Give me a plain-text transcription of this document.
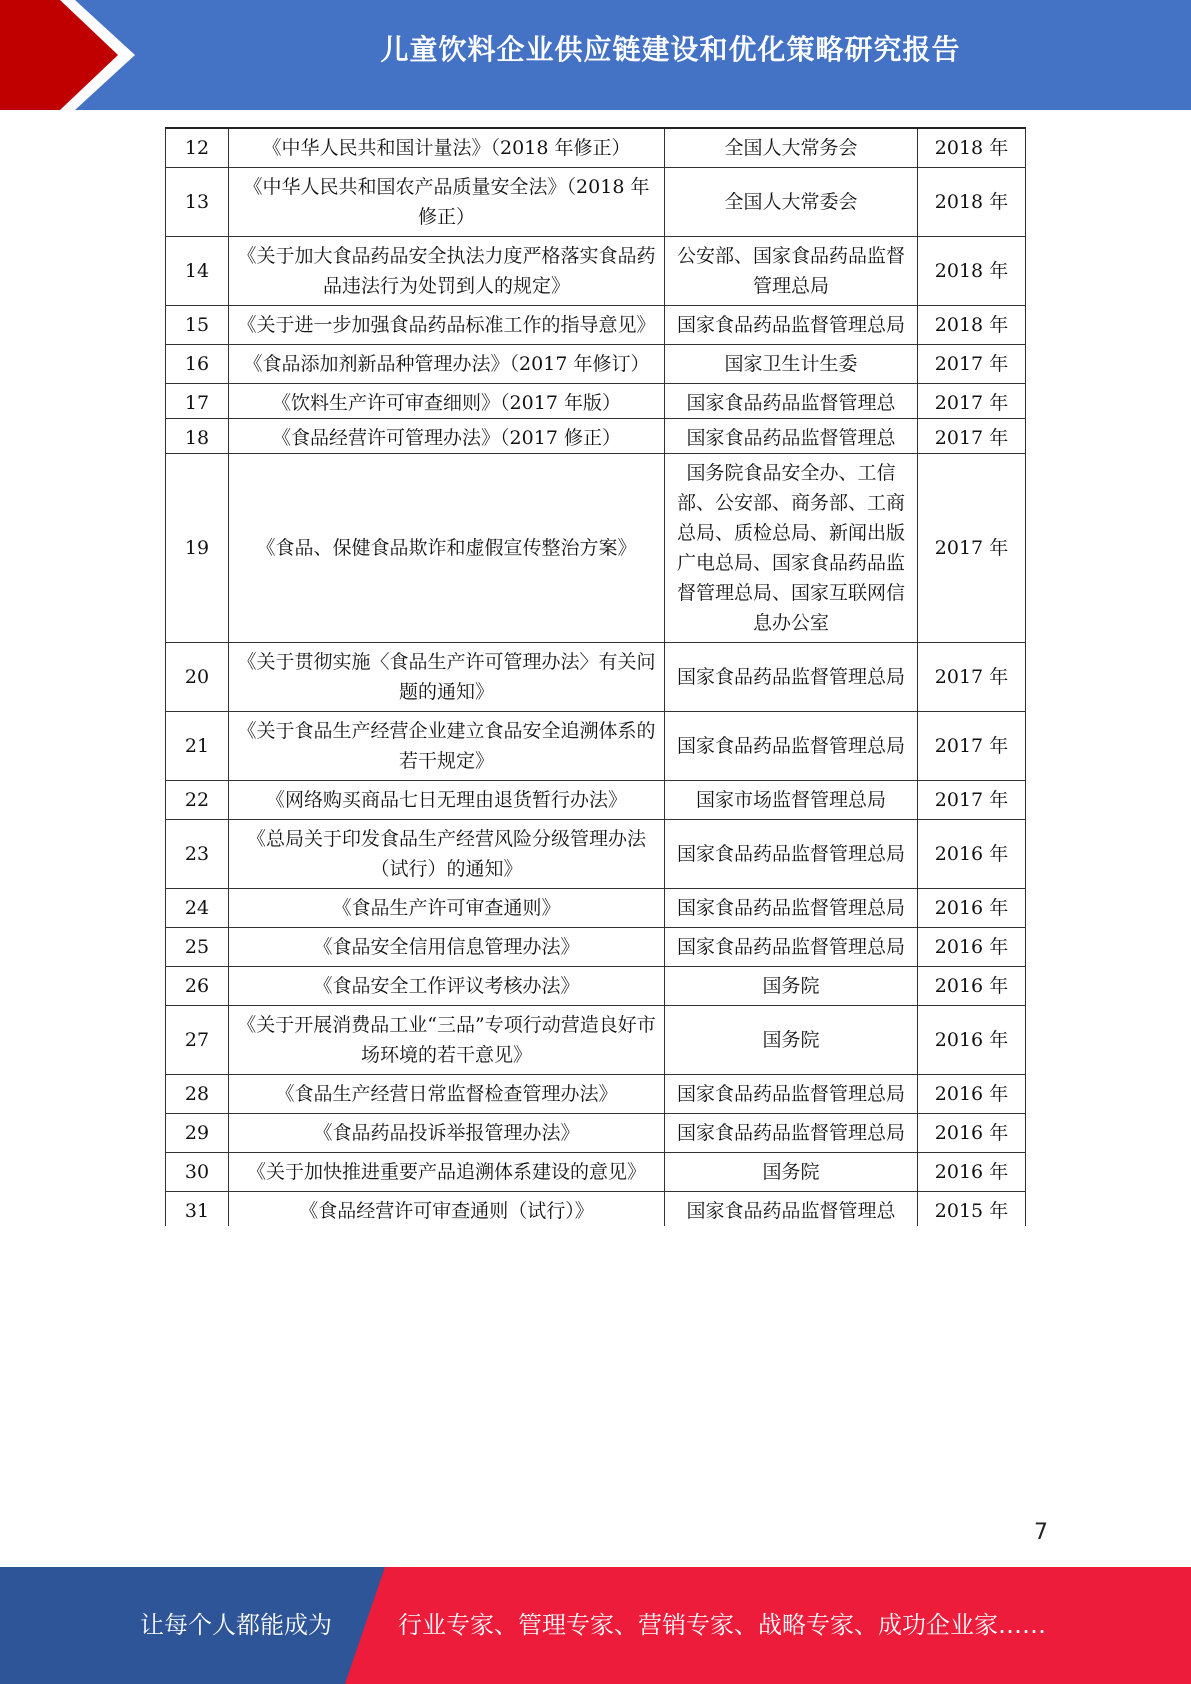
儿童饮料企业供应链建设和优化策略研究报告
12	《中华人民共和国计量法》（2018 年修正）	全国人大常务会	2018 年
13	《中华人民共和国农产品质量安全法》（2018 年修正）	全国人大常委会	2018 年
14	《关于加大食品药品安全执法力度严格落实食品药品违法行为处罚到人的规定》	公安部、国家食品药品监督管理总局	2018 年
15	《关于进一步加强食品药品标准工作的指导意见》	国家食品药品监督管理总局	2018 年
16	《食品添加剂新品种管理办法》（2017 年修订）	国家卫生计生委	2017 年
17	《饮料生产许可审查细则》（2017 年版）	国家食品药品监督管理总	2017 年
18	《食品经营许可管理办法》（2017 修正）	国家食品药品监督管理总	2017 年
19	《食品、保健食品欺诈和虚假宣传整治方案》	国务院食品安全办、工信部、公安部、商务部、工商总局、质检总局、新闻出版广电总局、国家食品药品监督管理总局、国家互联网信息办公室	2017 年
20	《关于贯彻实施〈食品生产许可管理办法〉有关问题的通知》	国家食品药品监督管理总局	2017 年
21	《关于食品生产经营企业建立食品安全追溯体系的若干规定》	国家食品药品监督管理总局	2017 年
22	《网络购买商品七日无理由退货暂行办法》	国家市场监督管理总局	2017 年
23	《总局关于印发食品生产经营风险分级管理办法（试行）的通知》	国家食品药品监督管理总局	2016 年
24	《食品生产许可审查通则》	国家食品药品监督管理总局	2016 年
25	《食品安全信用信息管理办法》	国家食品药品监督管理总局	2016 年
26	《食品安全工作评议考核办法》	国务院	2016 年
27	《关于开展消费品工业“三品”专项行动营造良好市场环境的若干意见》	国务院	2016 年
28	《食品生产经营日常监督检查管理办法》	国家食品药品监督管理总局	2016 年
29	《食品药品投诉举报管理办法》	国家食品药品监督管理总局	2016 年
30	《关于加快推进重要产品追溯体系建设的意见》	国务院	2016 年
31	《食品经营许可审查通则（试行）》	国家食品药品监督管理总	2015 年
7
让每个人都能成为	行业专家、管理专家、营销专家、战略专家、成功企业家……
